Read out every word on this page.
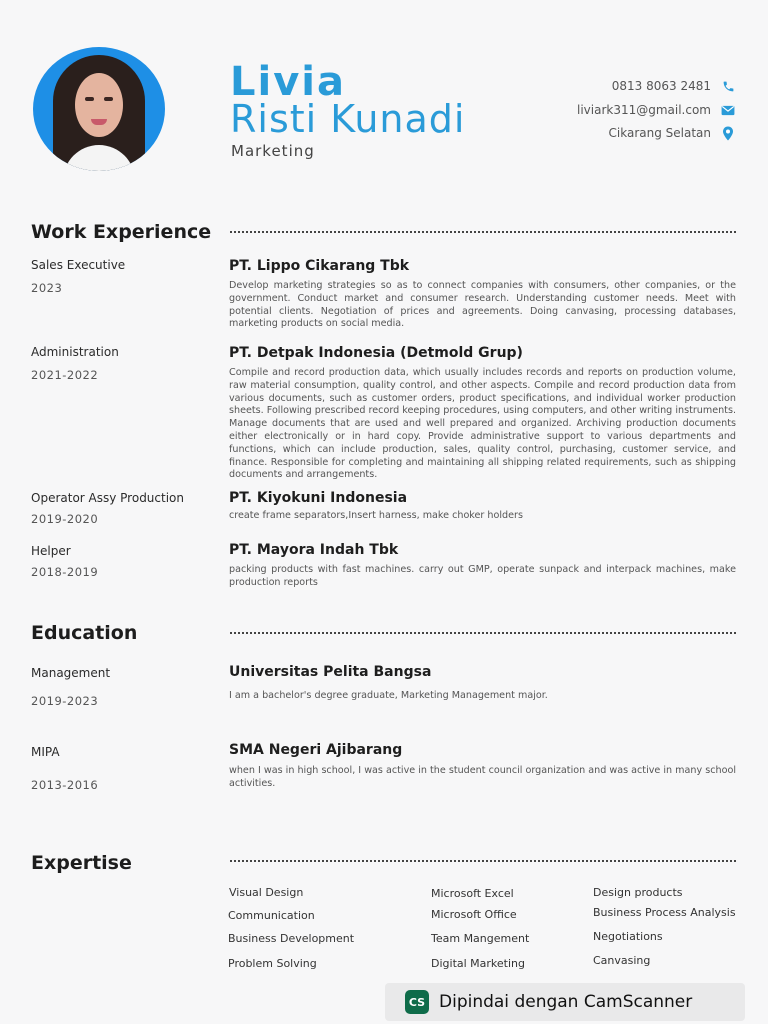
Livia
Risti Kunadi
Marketing
0813 8063 2481
liviark311@gmail.com
Cikarang Selatan
Work Experience
Sales Executive
2023
PT. Lippo Cikarang Tbk
Develop marketing strategies so as to connect companies with consumers, other companies, or the government. Conduct market and consumer research. Understanding customer needs. Meet with potential clients. Negotiation of prices and agreements. Doing canvasing, processing databases, marketing products on social media.
Administration
2021-2022
PT. Detpak Indonesia (Detmold Grup)
Compile and record production data, which usually includes records and reports on production volume, raw material consumption, quality control, and other aspects. Compile and record production data from various documents, such as customer orders, product specifications, and individual worker production sheets. Following prescribed record keeping procedures, using computers, and other writing instruments. Manage documents that are used and well prepared and organized. Archiving production documents either electronically or in hard copy. Provide administrative support to various departments and functions, which can include production, sales, quality control, purchasing, customer service, and finance. Responsible for completing and maintaining all shipping related requirements, such as shipping documents and arrangements.
Operator Assy Production
2019-2020
PT. Kiyokuni Indonesia
create frame separators,Insert harness, make choker holders
Helper
2018-2019
PT. Mayora Indah Tbk
packing products with fast machines. carry out GMP, operate sunpack and interpack machines, make production reports
Education
Management
2019-2023
Universitas Pelita Bangsa
I am a bachelor's degree graduate, Marketing Management major.
MIPA
2013-2016
SMA Negeri Ajibarang
when I was in high school, I was active in the student council organization and was active in many school activities.
Expertise
Visual Design
Communication
Business Development
Problem Solving
Microsoft Excel
Microsoft Office
Team Mangement
Digital Marketing
Design products
Business Process Analysis
Negotiations
Canvasing
CS Dipindai dengan CamScanner
